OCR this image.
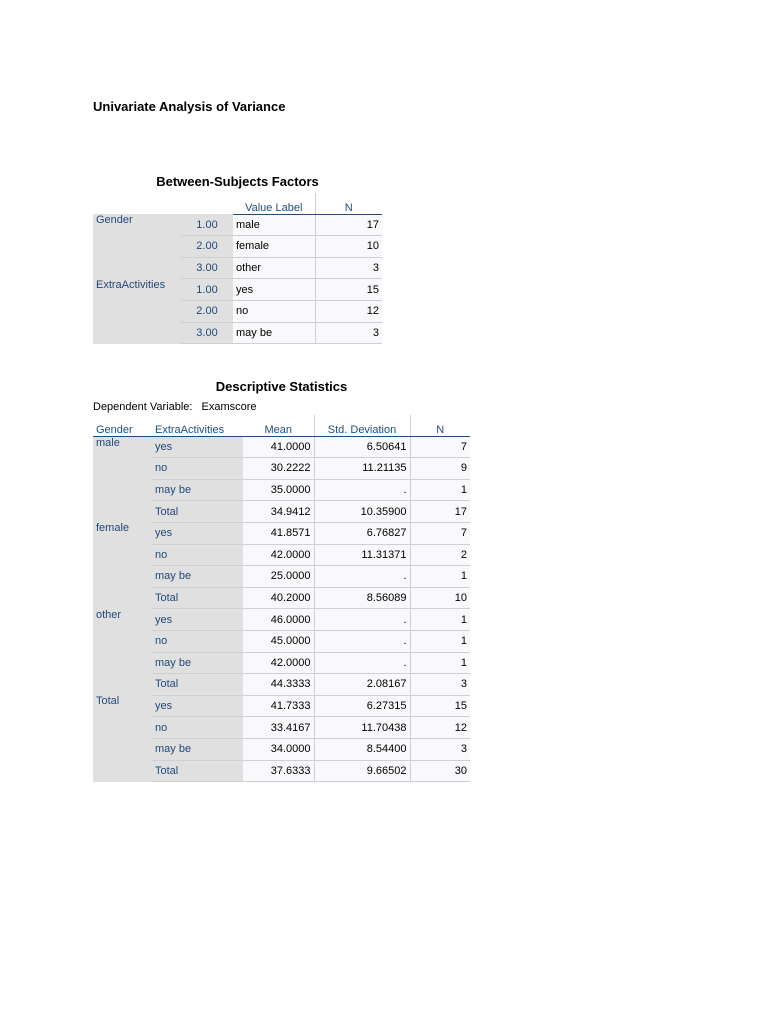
Univariate Analysis of Variance
Between-Subjects Factors
		Value Label	N
Gender	1.00	male	17
	2.00	female	10
	3.00	other	3
ExtraActivities	1.00	yes	15
	2.00	no	12
	3.00	may be	3
Descriptive Statistics
Dependent Variable: Examscore
Gender	ExtraActivities	Mean	Std. Deviation	N
male	yes	41.0000	6.50641	7
	no	30.2222	11.21135	9
	may be	35.0000	.	1
	Total	34.9412	10.35900	17
female	yes	41.8571	6.76827	7
	no	42.0000	11.31371	2
	may be	25.0000	.	1
	Total	40.2000	8.56089	10
other	yes	46.0000	.	1
	no	45.0000	.	1
	may be	42.0000	.	1
	Total	44.3333	2.08167	3
Total	yes	41.7333	6.27315	15
	no	33.4167	11.70438	12
	may be	34.0000	8.54400	3
	Total	37.6333	9.66502	30
